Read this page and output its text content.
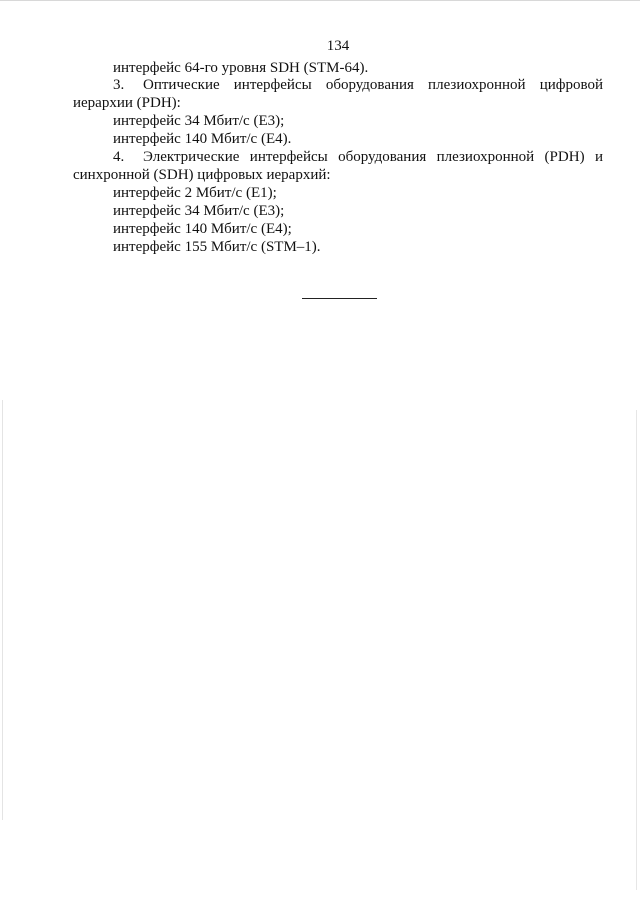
134
интерфейс 64-го уровня SDH (STM-64).
3. Оптические интерфейсы оборудования плезиохронной цифровой
иерархии (PDH):
интерфейс 34 Мбит/с (E3);
интерфейс 140 Мбит/с (E4).
4. Электрические интерфейсы оборудования плезиохронной (PDH) и
синхронной (SDH) цифровых иерархий:
интерфейс 2 Мбит/с (E1);
интерфейс 34 Мбит/с (E3);
интерфейс 140 Мбит/с (E4);
интерфейс 155 Мбит/с (STM–1).
